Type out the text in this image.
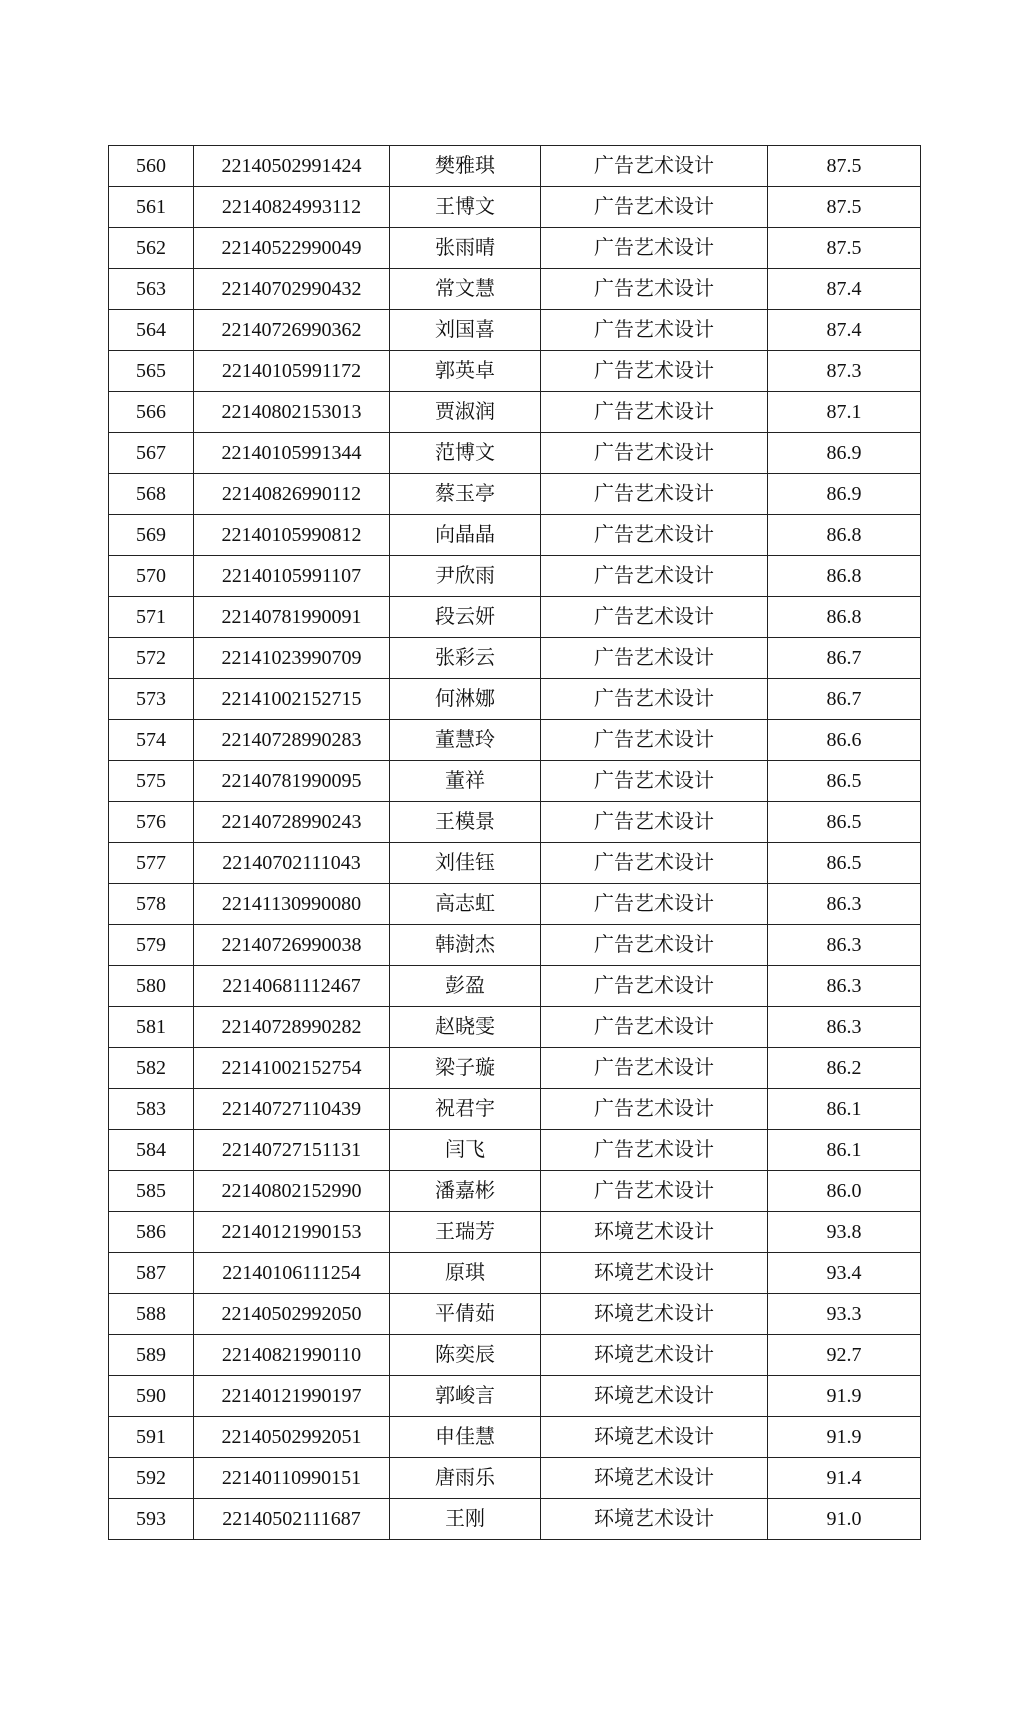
560	22140502991424	樊雅琪	广告艺术设计	87.5
561	22140824993112	王博文	广告艺术设计	87.5
562	22140522990049	张雨晴	广告艺术设计	87.5
563	22140702990432	常文慧	广告艺术设计	87.4
564	22140726990362	刘国喜	广告艺术设计	87.4
565	22140105991172	郭英卓	广告艺术设计	87.3
566	22140802153013	贾淑润	广告艺术设计	87.1
567	22140105991344	范博文	广告艺术设计	86.9
568	22140826990112	蔡玉亭	广告艺术设计	86.9
569	22140105990812	向晶晶	广告艺术设计	86.8
570	22140105991107	尹欣雨	广告艺术设计	86.8
571	22140781990091	段云妍	广告艺术设计	86.8
572	22141023990709	张彩云	广告艺术设计	86.7
573	22141002152715	何淋娜	广告艺术设计	86.7
574	22140728990283	董慧玲	广告艺术设计	86.6
575	22140781990095	董祥	广告艺术设计	86.5
576	22140728990243	王模景	广告艺术设计	86.5
577	22140702111043	刘佳钰	广告艺术设计	86.5
578	22141130990080	高志虹	广告艺术设计	86.3
579	22140726990038	韩澍杰	广告艺术设计	86.3
580	22140681112467	彭盈	广告艺术设计	86.3
581	22140728990282	赵晓雯	广告艺术设计	86.3
582	22141002152754	梁子璇	广告艺术设计	86.2
583	22140727110439	祝君宇	广告艺术设计	86.1
584	22140727151131	闫飞	广告艺术设计	86.1
585	22140802152990	潘嘉彬	广告艺术设计	86.0
586	22140121990153	王瑞芳	环境艺术设计	93.8
587	22140106111254	原琪	环境艺术设计	93.4
588	22140502992050	平倩茹	环境艺术设计	93.3
589	22140821990110	陈奕辰	环境艺术设计	92.7
590	22140121990197	郭峻言	环境艺术设计	91.9
591	22140502992051	申佳慧	环境艺术设计	91.9
592	22140110990151	唐雨乐	环境艺术设计	91.4
593	22140502111687	王刚	环境艺术设计	91.0
